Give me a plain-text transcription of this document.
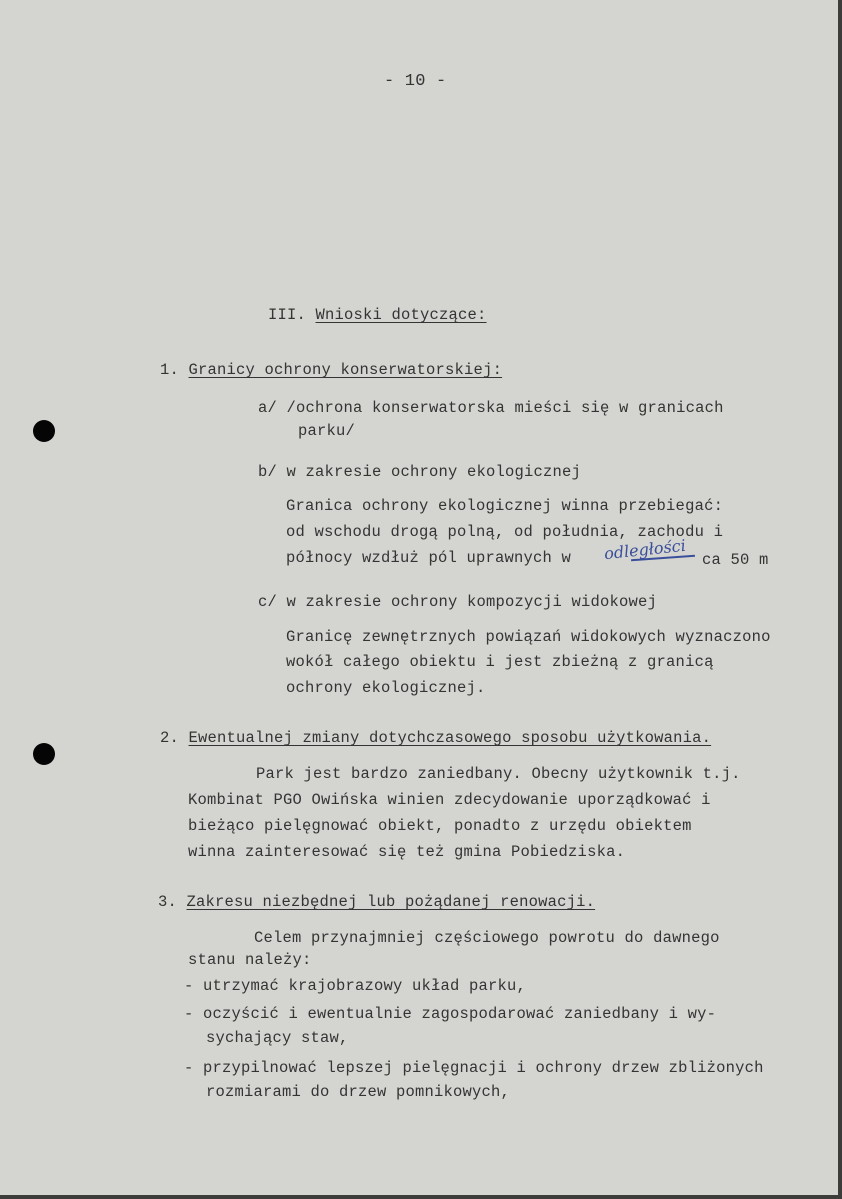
- 10 -
III. Wnioski dotyczące:
1. Granicy ochrony konserwatorskiej:
a/ /ochrona konserwatorska mieści się w granicach
parku/
b/ w zakresie ochrony ekologicznej
Granica ochrony ekologicznej winna przebiegać:
od wschodu drogą polną, od południa, zachodu i
północy wzdłuż pól uprawnych w odległości ca 50 m
c/ w zakresie ochrony kompozycji widokowej
Granicę zewnętrznych powiązań widokowych wyznaczono
wokół całego obiektu i jest zbieżną z granicą
ochrony ekologicznej.
2. Ewentualnej zmiany dotychczasowego sposobu użytkowania.
Park jest bardzo zaniedbany. Obecny użytkownik t.j.
Kombinat PGO Owińska winien zdecydowanie uporządkować i
bieżąco pielęgnować obiekt, ponadto z urzędu obiektem
winna zainteresować się też gmina Pobiedziska.
3. Zakresu niezbędnej lub pożądanej renowacji.
Celem przynajmniej częściowego powrotu do dawnego
stanu należy:
- utrzymać krajobrazowy układ parku,
- oczyścić i ewentualnie zagospodarować zaniedbany i wy-
sychający staw,
- przypilnować lepszej pielęgnacji i ochrony drzew zbliżonych
rozmiarami do drzew pomnikowych,
